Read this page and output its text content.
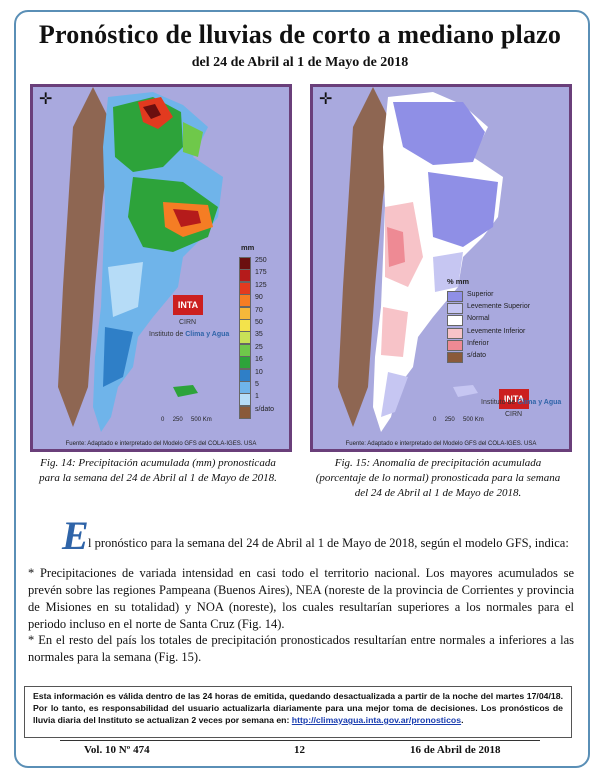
Pronóstico de lluvias de corto a mediano plazo
del 24 de Abril al 1 de Mayo de 2018
✛
mm
250
175
125
90
70
50
35
25
16
10
5
1
s/dato
INTA
CIRN
Instituto de Clima y Agua
0 250 500 Km
Fuente: Adaptado e interpretado del Modelo GFS del COLA-IGES. USA
✛
% mm
Superior
Levemente Superior
Normal
Levemente Inferior
Inferior
s/dato
INTA
CIRN
Instituto de Clima y Agua
0 250 500 Km
Fuente: Adaptado e interpretado del Modelo GFS del COLA-IGES. USA
Fig. 14: Precipitación acumulada (mm) pronosticada para la semana del 24 de Abril al 1 de Mayo de 2018.
Fig. 15: Anomalía de precipitación acumulada (porcentaje de lo normal) pronosticada para la semana del 24 de Abril al 1 de Mayo de 2018.
E l pronóstico para la semana del 24 de Abril al 1 de Mayo de 2018, según el modelo GFS, indica:
* Precipitaciones de variada intensidad en casi todo el territorio nacional. Los mayores acumulados se prevén sobre las regiones Pampeana (Buenos Aires), NEA (noreste de la provincia de Corrientes y provincia de Misiones en su totalidad) y NOA (noreste), los cuales resultarían superiores a los normales para el periodo incluso en el norte de Santa Cruz (Fig. 14).
* En el resto del país los totales de precipitación pronosticados resultarían entre normales a inferiores a las normales para la semana (Fig. 15).
Esta información es válida dentro de las 24 horas de emitida, quedando desactualizada a partir de la noche del martes 17/04/18. Por lo tanto, es responsabilidad del usuario actualizarla diariamente para una mejor toma de decisiones. Los pronósticos de lluvia diaria del Instituto se actualizan 2 veces por semana en: http://climayagua.inta.gov.ar/pronosticos.
Vol. 10 Nº 474	12	16 de Abril de 2018
